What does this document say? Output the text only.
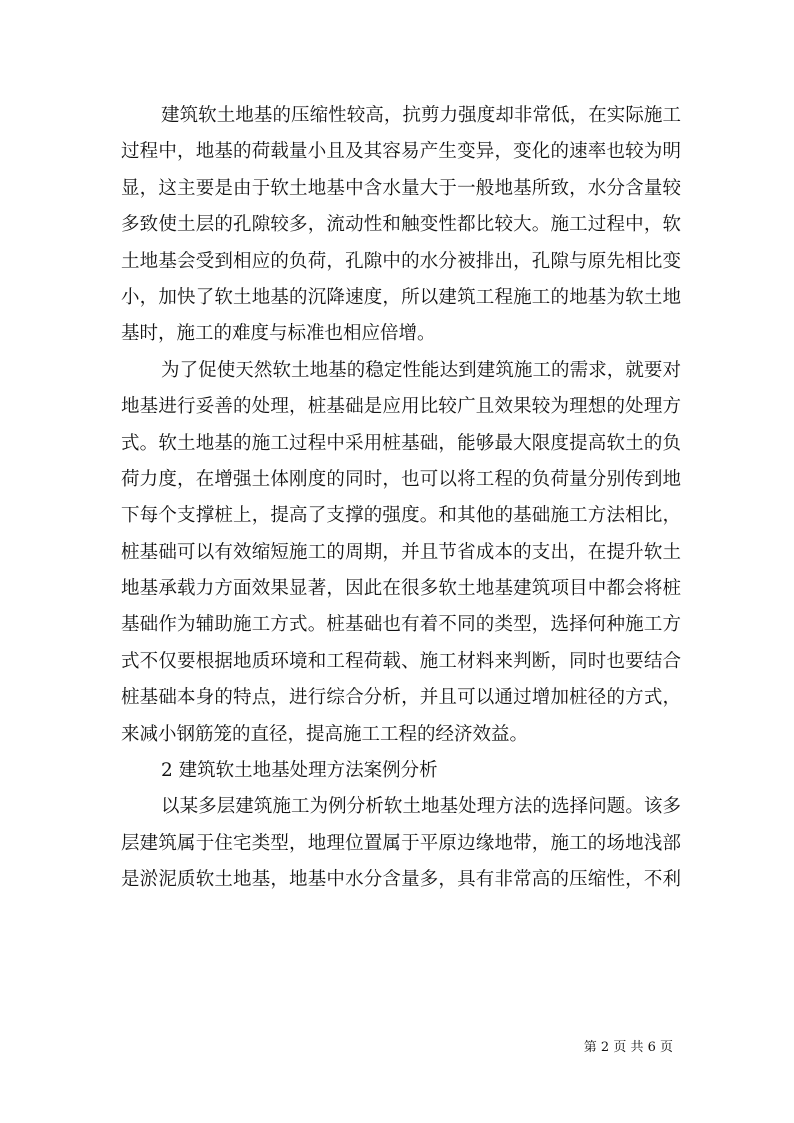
建筑软土地基的压缩性较高，抗剪力强度却非常低，在实际施工
过程中，地基的荷载量小且及其容易产生变异，变化的速率也较为明
显，这主要是由于软土地基中含水量大于一般地基所致，水分含量较
多致使土层的孔隙较多，流动性和触变性都比较大。施工过程中，软
土地基会受到相应的负荷，孔隙中的水分被排出，孔隙与原先相比变
小，加快了软土地基的沉降速度，所以建筑工程施工的地基为软土地
基时，施工的难度与标准也相应倍增。
为了促使天然软土地基的稳定性能达到建筑施工的需求，就要对
地基进行妥善的处理，桩基础是应用比较广且效果较为理想的处理方
式。软土地基的施工过程中采用桩基础，能够最大限度提高软土的负
荷力度，在增强土体刚度的同时，也可以将工程的负荷量分别传到地
下每个支撑桩上，提高了支撑的强度。和其他的基础施工方法相比，
桩基础可以有效缩短施工的周期，并且节省成本的支出，在提升软土
地基承载力方面效果显著，因此在很多软土地基建筑项目中都会将桩
基础作为辅助施工方式。桩基础也有着不同的类型，选择何种施工方
式不仅要根据地质环境和工程荷载、施工材料来判断，同时也要结合
桩基础本身的特点，进行综合分析，并且可以通过增加桩径的方式，
来减小钢筋笼的直径，提高施工工程的经济效益。
2 建筑软土地基处理方法案例分析
以某多层建筑施工为例分析软土地基处理方法的选择问题。该多
层建筑属于住宅类型，地理位置属于平原边缘地带，施工的场地浅部
是淤泥质软土地基，地基中水分含量多，具有非常高的压缩性，不利
第 2 页 共 6 页
